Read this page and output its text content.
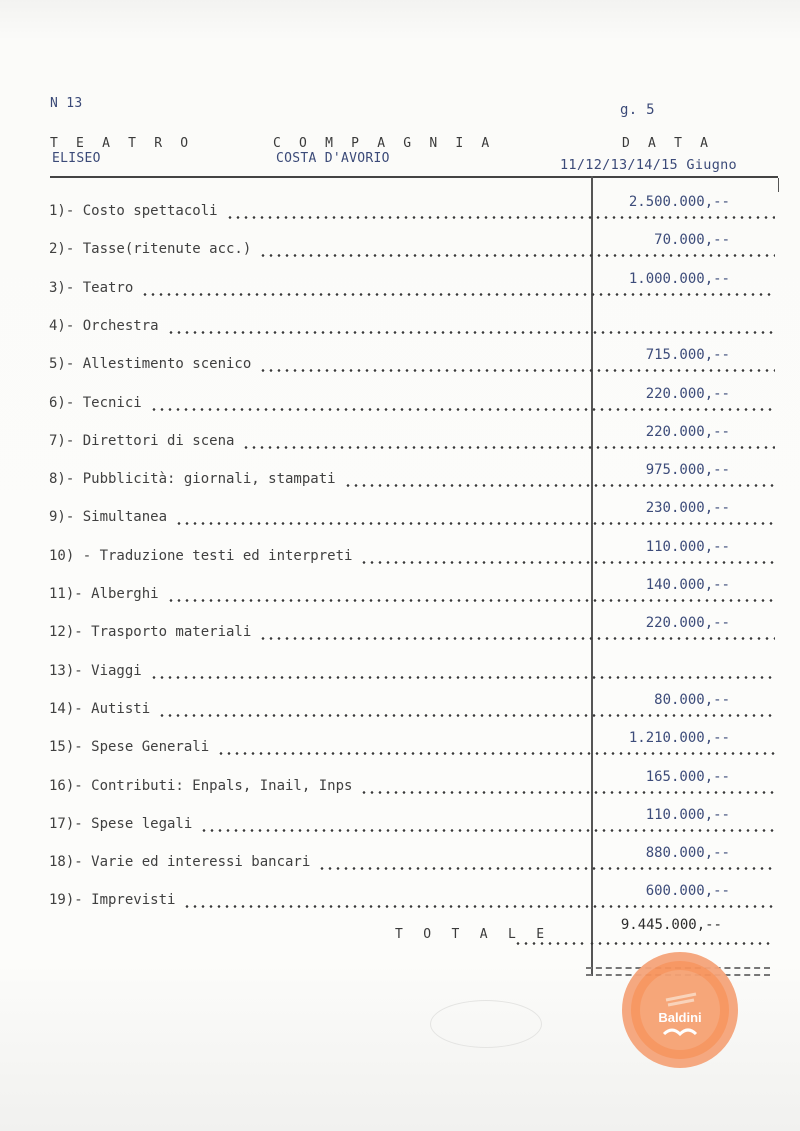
N 13	g. 5
T E A T R O
ELISEO
C O M P A G N I A
COSTA D'AVORIO
D A T A
11/12/13/14/15 Giugno
1)- Costo spettacoli
2.500.000,--
2)- Tasse(ritenute acc.)
70.000,--
3)- Teatro
1.000.000,--
4)- Orchestra
5)- Allestimento scenico
715.000,--
6)- Tecnici
220.000,--
7)- Direttori di scena
220.000,--
8)- Pubblicità: giornali, stampati
975.000,--
9)- Simultanea
230.000,--
10) - Traduzione testi ed interpreti
110.000,--
11)- Alberghi
140.000,--
12)- Trasporto materiali
220.000,--
13)- Viaggi
14)- Autisti
80.000,--
15)- Spese Generali
1.210.000,--
16)- Contributi: Enpals, Inail, Inps
165.000,--
17)- Spese legali
110.000,--
18)- Varie ed interessi bancari
880.000,--
19)- Imprevisti
600.000,--
T O T A L E
9.445.000,--
Baldini
